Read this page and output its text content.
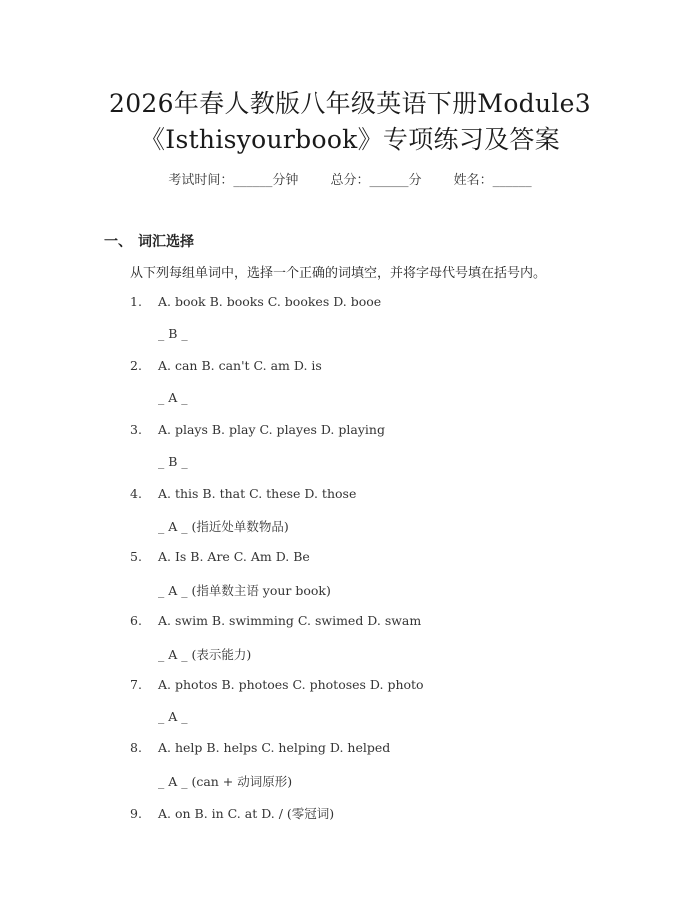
2026年春人教版八年级英语下册Module3
《Isthisyourbook》专项练习及答案
考试时间：______分钟 总分：______分 姓名：______
一、 词汇选择
从下列每组单词中，选择一个正确的词填空，并将字母代号填在括号内。
1. A. book B. books C. bookes D. booe
_ B _
2. A. can B. can't C. am D. is
_ A _
3. A. plays B. play C. playes D. playing
_ B _
4. A. this B. that C. these D. those
_ A _ (指近处单数物品)
5. A. Is B. Are C. Am D. Be
_ A _ (指单数主语 your book)
6. A. swim B. swimming C. swimed D. swam
_ A _ (表示能力)
7. A. photos B. photoes C. photoses D. photo
_ A _
8. A. help B. helps C. helping D. helped
_ A _ (can + 动词原形)
9. A. on B. in C. at D. / (零冠词)
